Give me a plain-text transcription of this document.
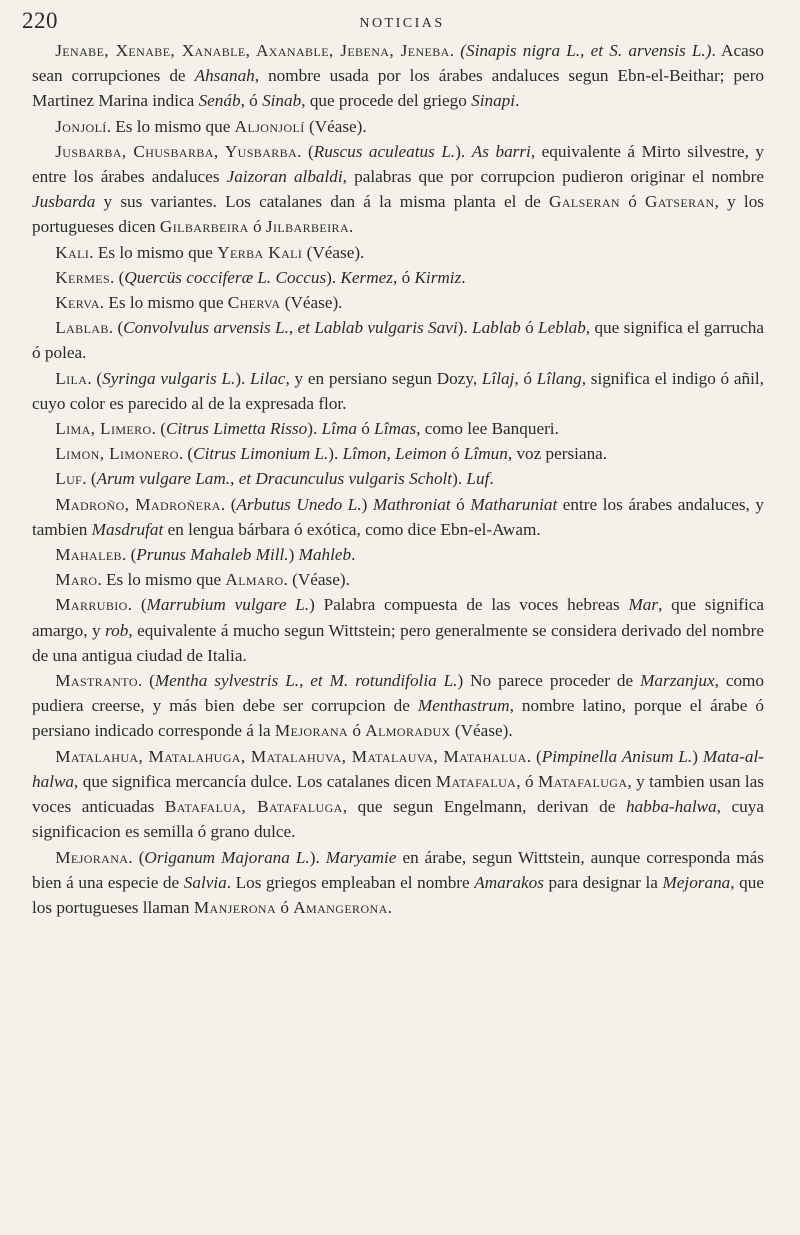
220	NOTICIAS

Jenabe, Xenabe, Xanable, Axanable, Jebena, Jeneba. (Sinapis nigra L., et S. arvensis L.). Acaso sean corrupciones de Ahsanah, nombre usada por los árabes andaluces segun Ebn-el-Beithar; pero Martinez Marina indica Senáb, ó Sinab, que procede del griego Sinapi.

Jonjolí. Es lo mismo que Aljonjolí (Véase).

Jusbarba, Chusbarba, Yusbarba. (Ruscus aculeatus L.). As barri, equivalente á Mirto silvestre, y entre los árabes andaluces Jaizoran albaldi, palabras que por corrupcion pudieron originar el nombre Jusbarda y sus variantes. Los catalanes dan á la misma planta el de Galseran ó Gatseran, y los portugueses dicen Gilbarbeira ó Jilbarbeira.

Kali. Es lo mismo que Yerba Kali (Véase).

Kermes. (Quercüs cocciferæ L. Coccus). Kermez, ó Kirmiz.

Kerva. Es lo mismo que Cherva (Véase).

Lablab. (Convolvulus arvensis L., et Lablab vulgaris Savi). Lablab ó Leblab, que significa el garrucha ó polea.

Lila. (Syringa vulgaris L.). Lilac, y en persiano segun Dozy, Lîlaj, ó Lîlang, significa el indigo ó añil, cuyo color es parecido al de la expresada flor.

Lima, Limero. (Citrus Limetta Risso). Lîma ó Lîmas, como lee Banqueri.

Limon, Limonero. (Citrus Limonium L.). Lîmon, Leimon ó Lîmun, voz persiana.

Luf. (Arum vulgare Lam., et Dracunculus vulgaris Scholt). Luf.

Madroño, Madroñera. (Arbutus Unedo L.) Mathroniat ó Matharuniat entre los árabes andaluces, y tambien Masdrufat en lengua bárbara ó exótica, como dice Ebn-el-Awam.

Mahaleb. (Prunus Mahaleb Mill.) Mahleb.

Maro. Es lo mismo que Almaro. (Véase).

Marrubio. (Marrubium vulgare L.) Palabra compuesta de las voces hebreas Mar, que significa amargo, y rob, equivalente á mucho segun Wittstein; pero generalmente se considera derivado del nombre de una antigua ciudad de Italia.

Mastranto. (Mentha sylvestris L., et M. rotundifolia L.) No parece proceder de Marzanjux, como pudiera creerse, y más bien debe ser corrupcion de Menthastrum, nombre latino, porque el árabe ó persiano indicado corresponde á la Mejorana ó Almoradux (Véase).

Matalahua, Matalahuga, Matalahuva, Matalauva, Matahalua. (Pimpinella Anisum L.) Mata-al-halwa, que significa mercancía dulce. Los catalanes dicen Matafalua, ó Matafaluga, y tambien usan las voces anticuadas Batafalua, Batafaluga, que segun Engelmann, derivan de habba-halwa, cuya significacion es semilla ó grano dulce.

Mejorana. (Origanum Majorana L.). Maryamie en árabe, segun Wittstein, aunque corresponda más bien á una especie de Salvia. Los griegos empleaban el nombre Amarakos para designar la Mejorana, que los portugueses llaman Manjerona ó Amangerona.
